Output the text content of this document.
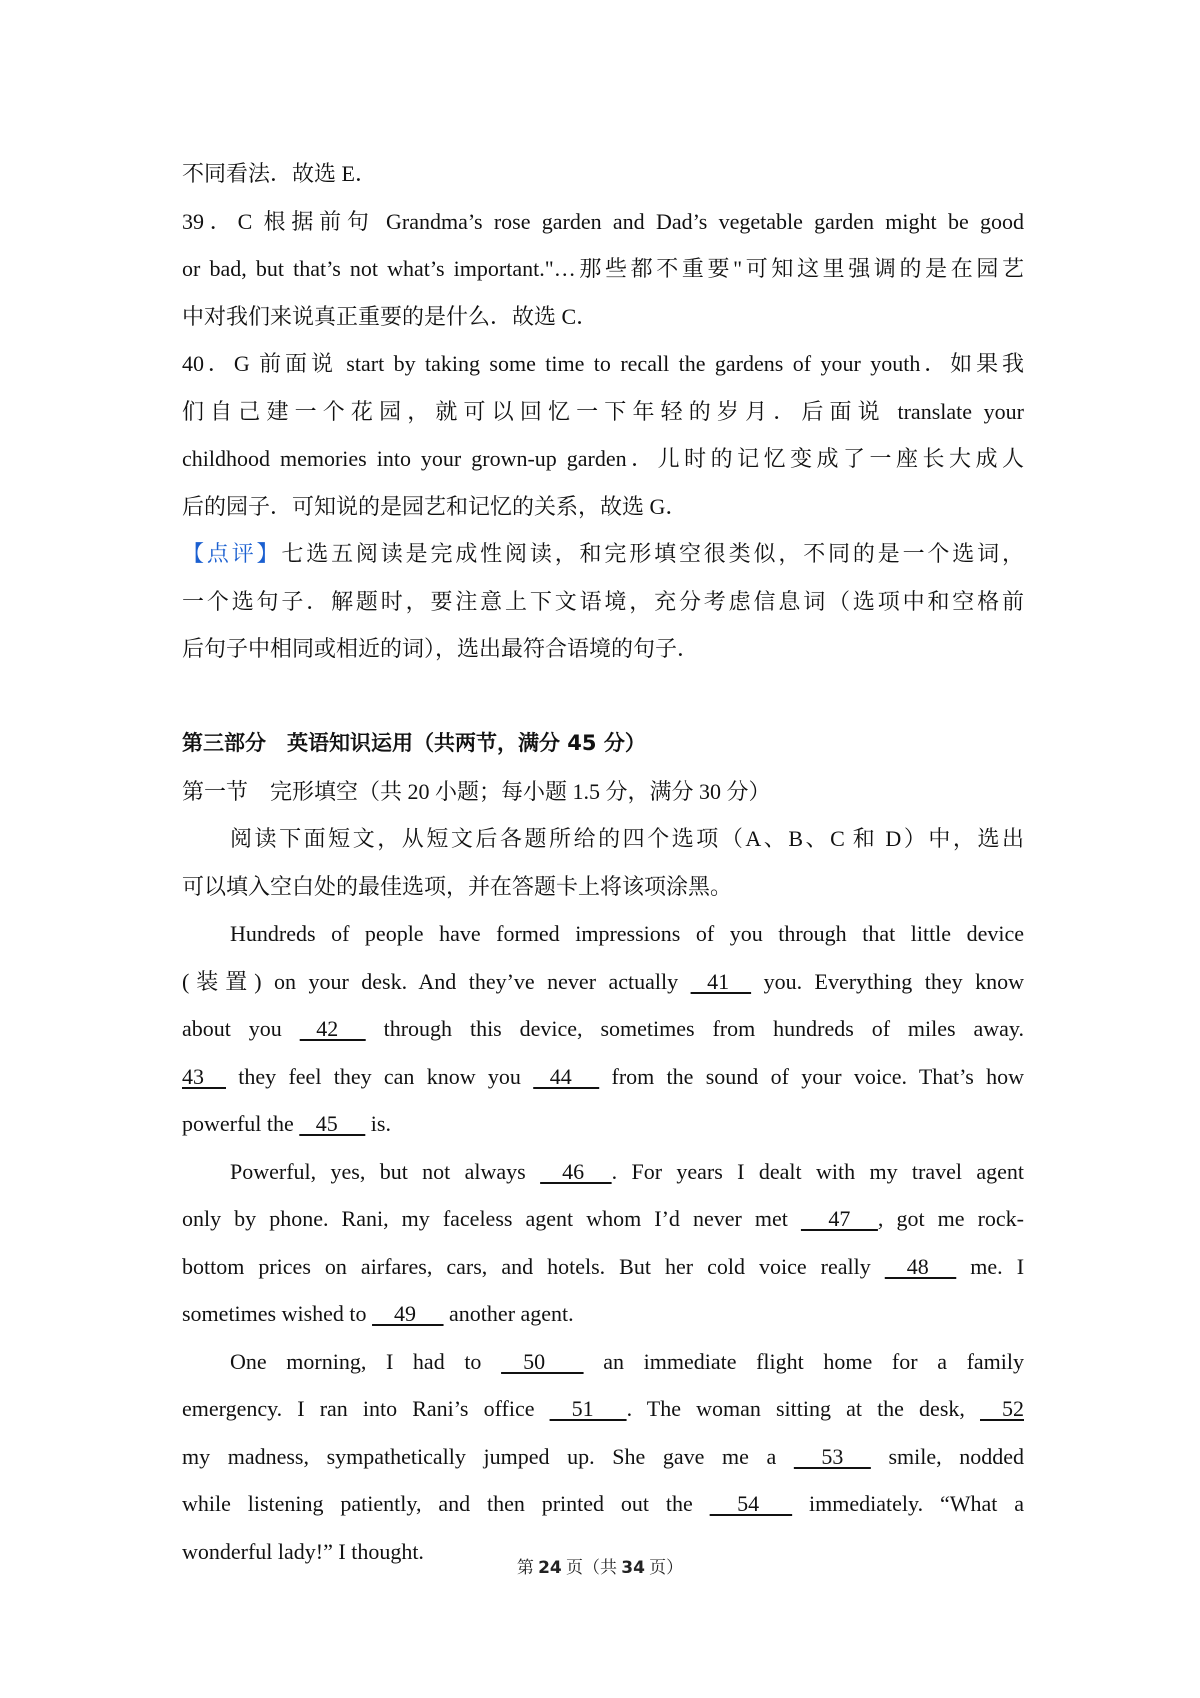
不同看法．故选 E．
39．C 根据前句 Grandma’s rose garden and Dad’s vegetable garden might be good
or bad, but that’s not what’s important."…那些都不重要"可知这里强调的是在园艺
中对我们来说真正重要的是什么．故选 C．
40．G 前面说 start by taking some time to recall the gardens of your youth．如果我
们自己建一个花园，就可以回忆一下年轻的岁月．后面说 translate your
childhood memories into your grown-up garden．儿时的记忆变成了一座长大成人
后的园子．可知说的是园艺和记忆的关系，故选 G．
【点评】七选五阅读是完成性阅读，和完形填空很类似，不同的是一个选词，
一个选句子．解题时，要注意上下文语境，充分考虑信息词（选项中和空格前
后句子中相同或相近的词），选出最符合语境的句子．
第三部分　英语知识运用（共两节，满分 45 分）
第一节　完形填空（共 20 小题；每小题 1.5 分，满分 30 分）
阅读下面短文，从短文后各题所给的四个选项（A、B、C 和 D）中，选出
可以填入空白处的最佳选项，并在答题卡上将该项涂黑。
Hundreds of people have formed impressions of you through that little device
(装置) on your desk. And they’ve never actually    41     you. Everything they know
about you    42      through this device, sometimes from hundreds of miles away.
43     they feel they can know you    44      from the sound of your voice. That’s how
powerful the    45      is.
Powerful, yes, but not always     46     . For years I dealt with my travel agent
only by phone. Rani, my faceless agent whom I’d never met      47     , got me rock-
bottom prices on airfares, cars, and hotels. But her cold voice really     48      me. I
sometimes wished to     49      another agent.
One morning, I had to     50        an immediate flight home for a family
emergency. I ran into Rani’s office     51      . The woman sitting at the desk,     52
my madness, sympathetically jumped up. She gave me a      53      smile, nodded
while listening patiently, and then printed out the      54       immediately. “What a
wonderful lady!” I thought.
第 24 页（共 34 页）
